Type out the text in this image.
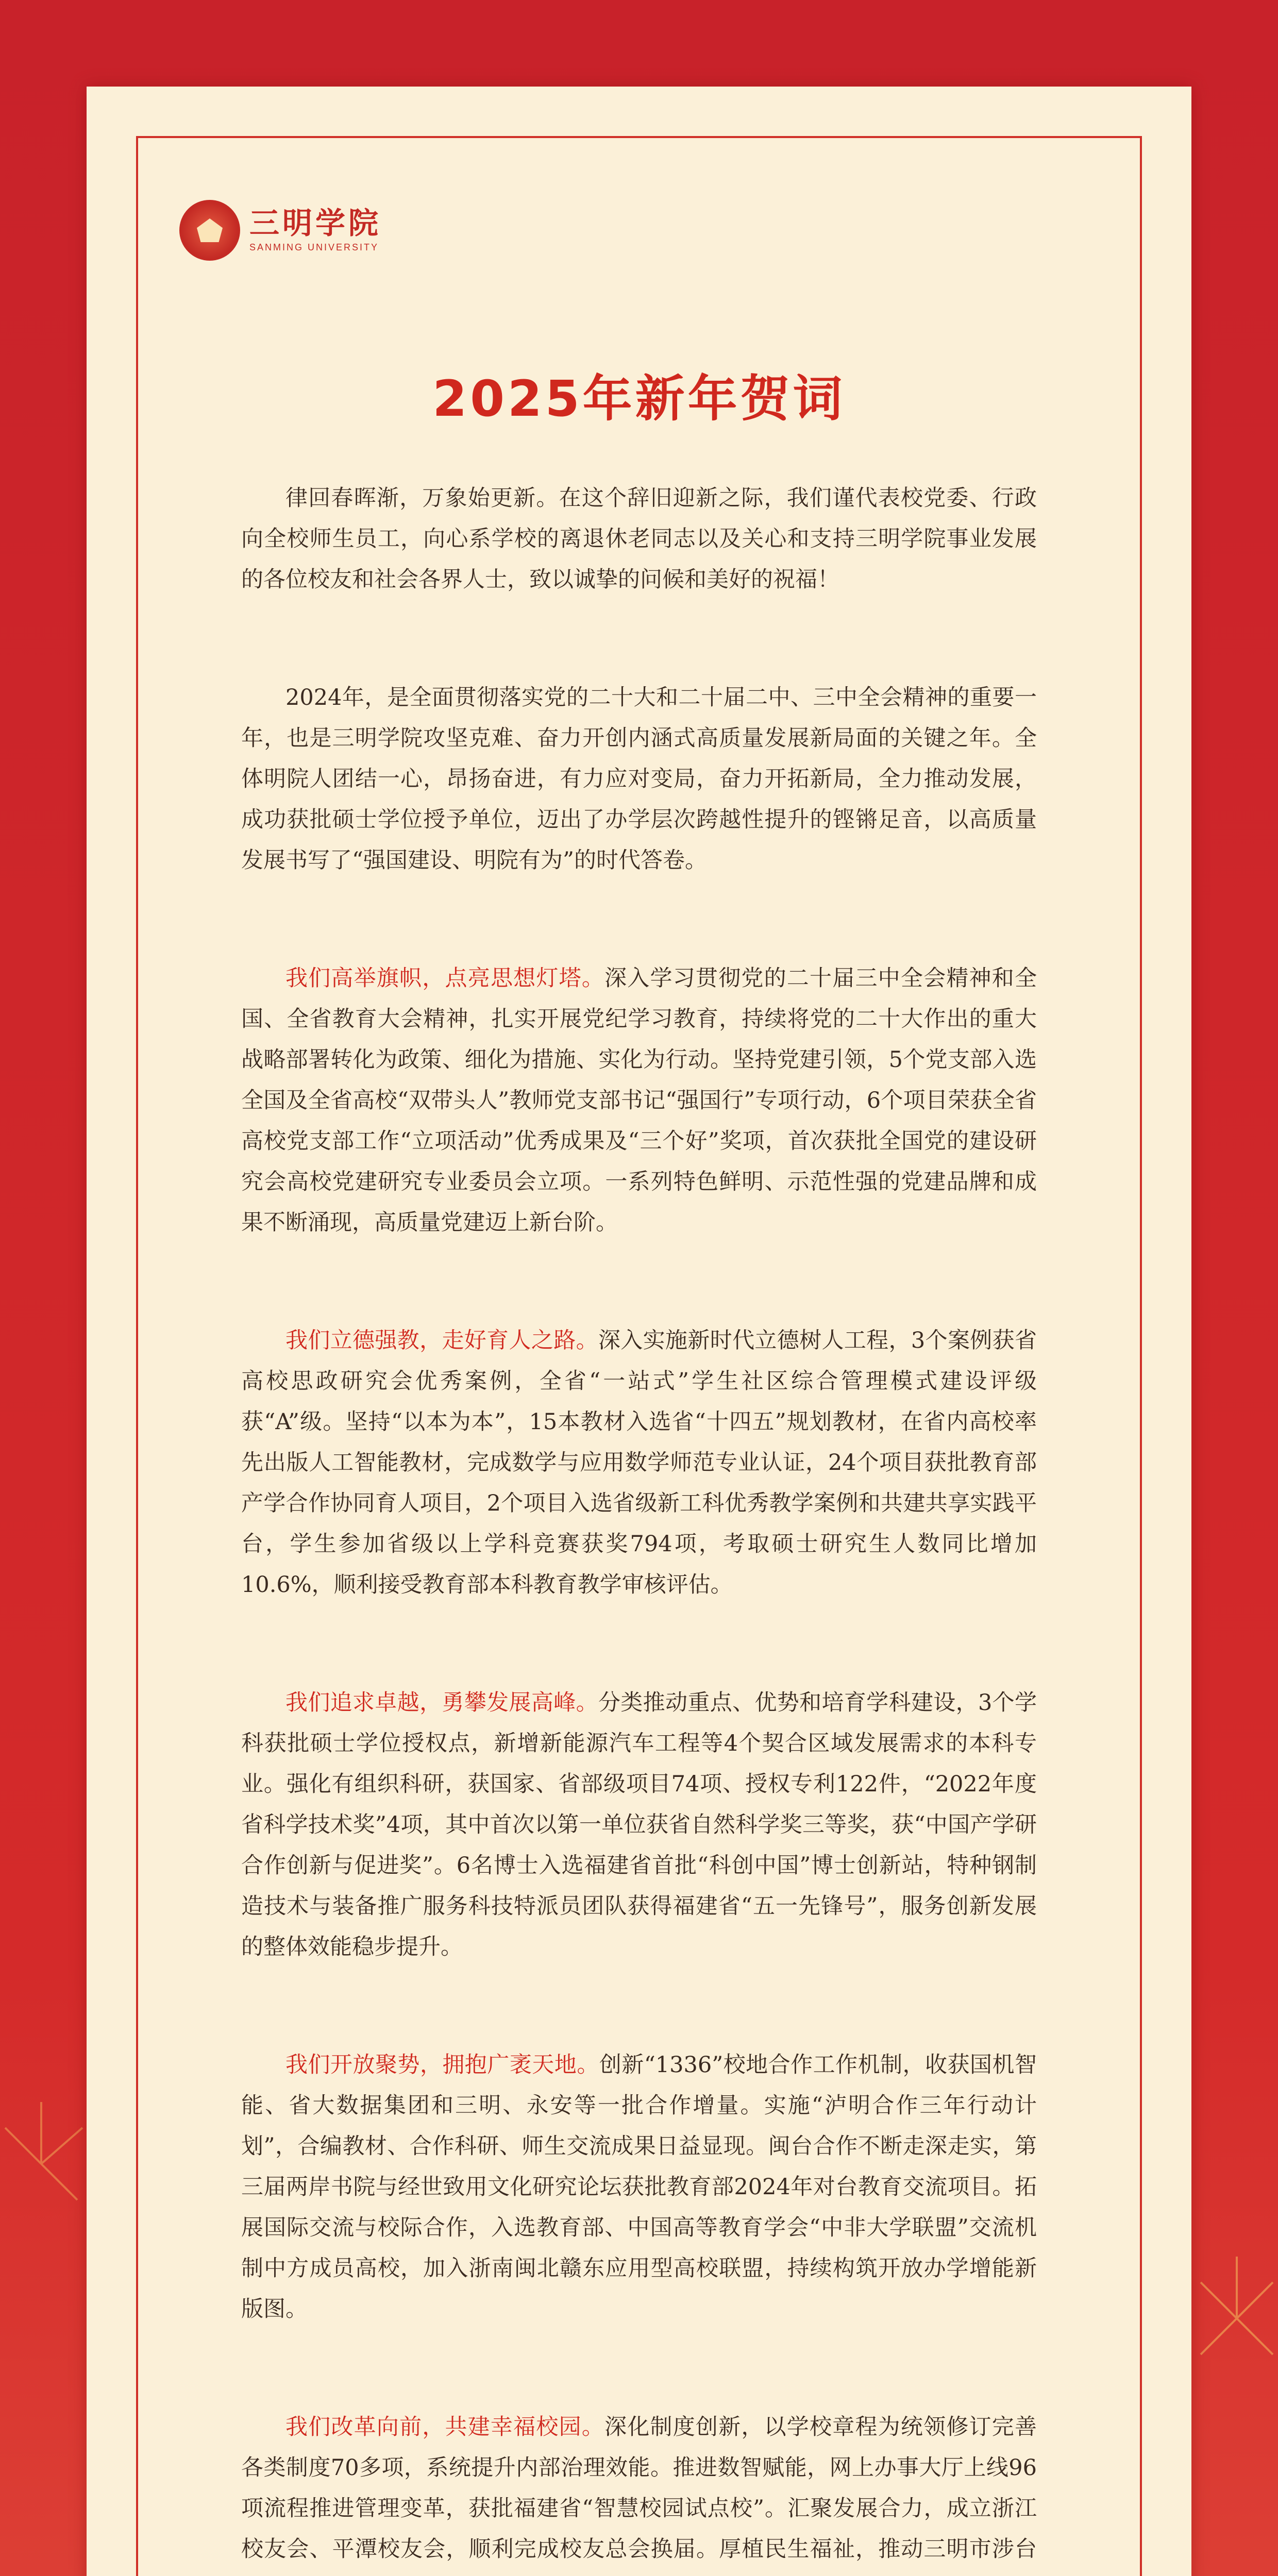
三明学院
SANMING UNIVERSITY
2025年新年贺词

律回春晖渐，万象始更新。在这个辞旧迎新之际，我们谨代表校党委、行政向全校师生员工，向心系学校的离退休老同志以及关心和支持三明学院事业发展的各位校友和社会各界人士，致以诚挚的问候和美好的祝福！

2024年，是全面贯彻落实党的二十大和二十届二中、三中全会精神的重要一年，也是三明学院攻坚克难、奋力开创内涵式高质量发展新局面的关键之年。全体明院人团结一心，昂扬奋进，有力应对变局，奋力开拓新局，全力推动发展，成功获批硕士学位授予单位，迈出了办学层次跨越性提升的铿锵足音，以高质量发展书写了“强国建设、明院有为”的时代答卷。

我们高举旗帜，点亮思想灯塔。深入学习贯彻党的二十届三中全会精神和全国、全省教育大会精神，扎实开展党纪学习教育，持续将党的二十大作出的重大战略部署转化为政策、细化为措施、实化为行动。坚持党建引领，5个党支部入选全国及全省高校“双带头人”教师党支部书记“强国行”专项行动，6个项目荣获全省高校党支部工作“立项活动”优秀成果及“三个好”奖项，首次获批全国党的建设研究会高校党建研究专业委员会立项。一系列特色鲜明、示范性强的党建品牌和成果不断涌现，高质量党建迈上新台阶。

我们立德强教，走好育人之路。深入实施新时代立德树人工程，3个案例获省高校思政研究会优秀案例，全省“一站式”学生社区综合管理模式建设评级获“A”级。坚持“以本为本”，15本教材入选省“十四五”规划教材，在省内高校率先出版人工智能教材，完成数学与应用数学师范专业认证，24个项目获批教育部产学合作协同育人项目，2个项目入选省级新工科优秀教学案例和共建共享实践平台，学生参加省级以上学科竞赛获奖794项，考取硕士研究生人数同比增加10.6%，顺利接受教育部本科教育教学审核评估。

我们追求卓越，勇攀发展高峰。分类推动重点、优势和培育学科建设，3个学科获批硕士学位授权点，新增新能源汽车工程等4个契合区域发展需求的本科专业。强化有组织科研，获国家、省部级项目74项、授权专利122件，“2022年度省科学技术奖”4项，其中首次以第一单位获省自然科学奖三等奖，获“中国产学研合作创新与促进奖”。6名博士入选福建省首批“科创中国”博士创新站，特种钢制造技术与装备推广服务科技特派员团队获得福建省“五一先锋号”，服务创新发展的整体效能稳步提升。

我们开放聚势，拥抱广袤天地。创新“1336”校地合作工作机制，收获国机智能、省大数据集团和三明、永安等一批合作增量。实施“泸明合作三年行动计划”，合编教材、合作科研、师生交流成果日益显现。闽台合作不断走深走实，第三届两岸书院与经世致用文化研究论坛获批教育部2024年对台教育交流项目。拓展国际交流与校际合作，入选教育部、中国高等教育学会“中非大学联盟”交流机制中方成员高校，加入浙南闽北赣东应用型高校联盟，持续构筑开放办学增能新版图。

我们改革向前，共建幸福校园。深化制度创新，以学校章程为统领修订完善各类制度70多项，系统提升内部治理效能。推进数智赋能，网上办事大厅上线96项流程推进管理变革，获批福建省“智慧校园试点校”。汇聚发展合力，成立浙江校友会、平潭校友会，顺利完成校友总会换届。厚植民生福祉，推动三明市涉台
